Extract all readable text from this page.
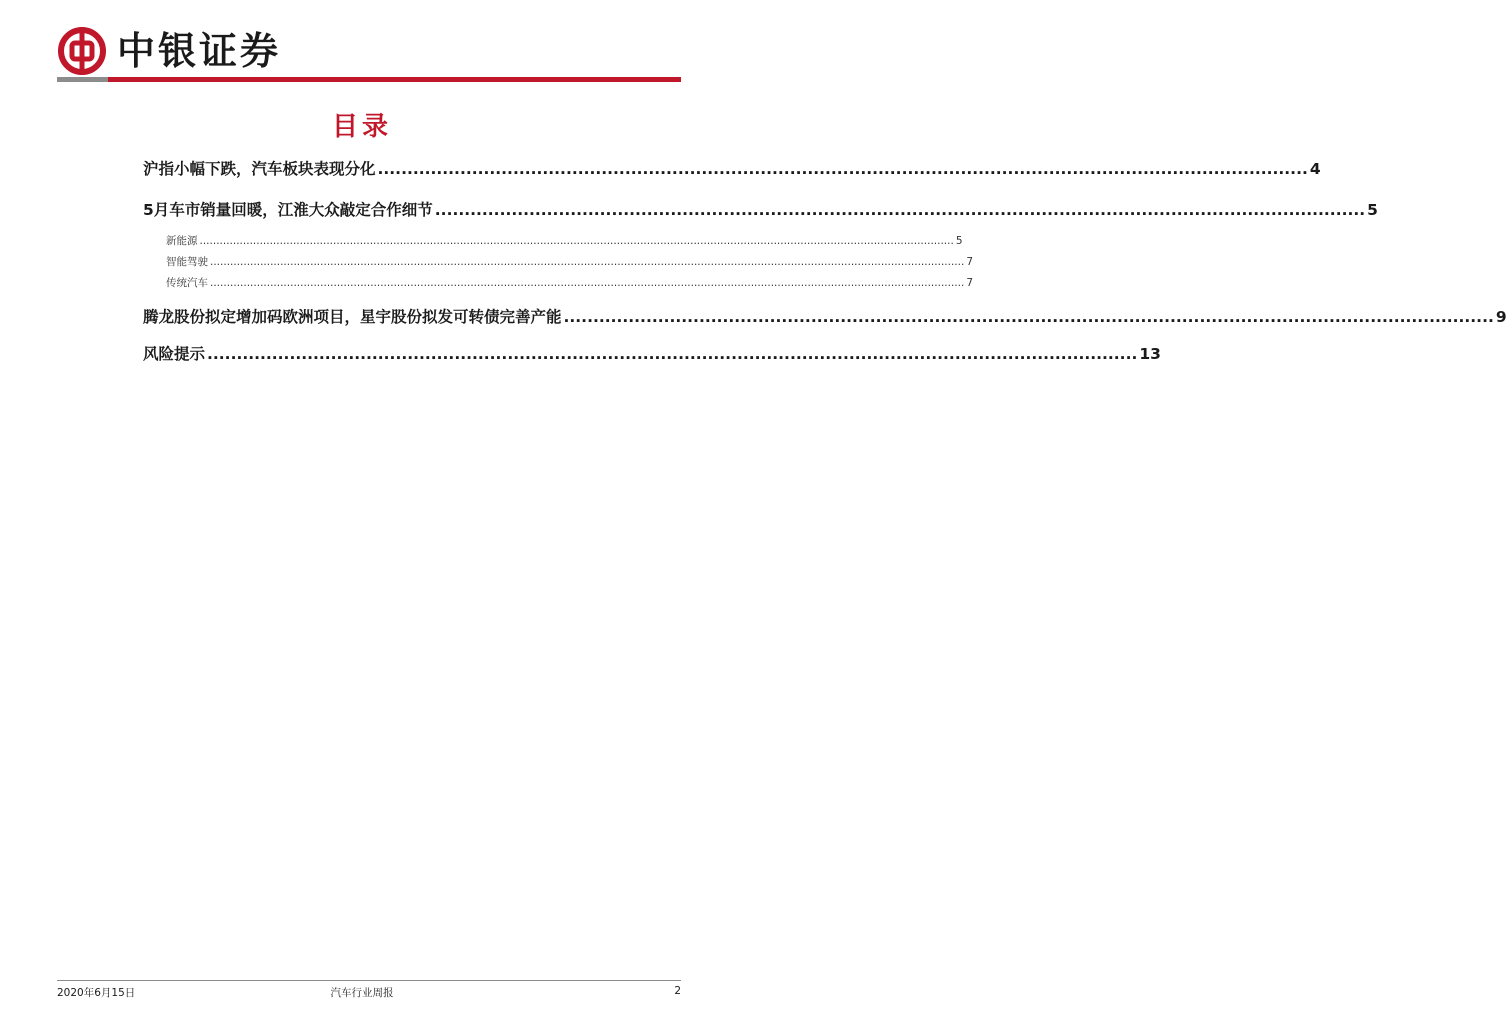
中银证券
目录
沪指小幅下跌，汽车板块表现分化 .............................................................................................................................................................. 4
5月车市销量回暖，江淮大众敲定合作细节 .............................................................................................................................................................. 5
新能源 .................................................................................................................................................................................................................................. 5
智能驾驶 .................................................................................................................................................................................................................................. 7
传统汽车 .................................................................................................................................................................................................................................. 7
腾龙股份拟定增加码欧洲项目，星宇股份拟发可转债完善产能 .............................................................................................................................................................. 9
风险提示 .............................................................................................................................................................. 13
2020年6月15日	汽车行业周报	2
